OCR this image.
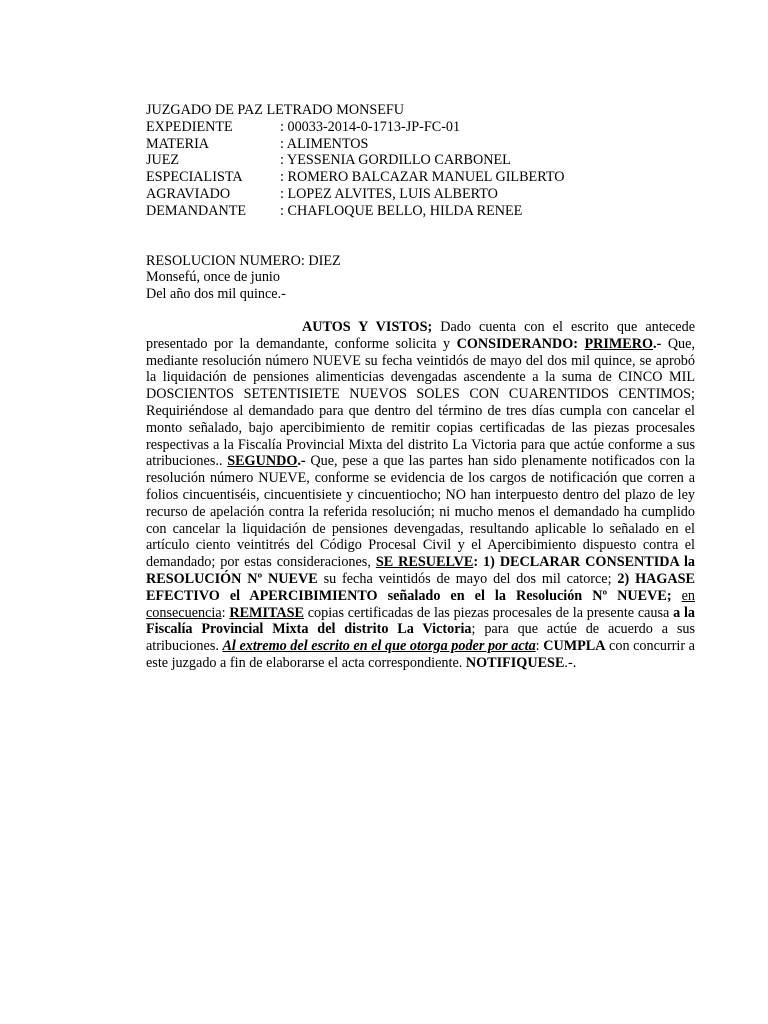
JUZGADO DE PAZ LETRADO MONSEFU
EXPEDIENTE	: 00033-2014-0-1713-JP-FC-01
MATERIA	: ALIMENTOS
JUEZ	: YESSENIA GORDILLO CARBONEL
ESPECIALISTA	: ROMERO BALCAZAR MANUEL GILBERTO
AGRAVIADO	: LOPEZ ALVITES, LUIS ALBERTO
DEMANDANTE	: CHAFLOQUE BELLO, HILDA RENEE
RESOLUCION NUMERO: DIEZ
Monsefú, once de junio
Del año dos mil quince.-
AUTOS Y VISTOS; Dado cuenta con el escrito que antecede presentado por la demandante, conforme solicita y CONSIDERANDO: PRIMERO.- Que, mediante resolución número NUEVE su fecha veintidós de mayo del dos mil quince, se aprobó la liquidación de pensiones alimenticias devengadas ascendente a la suma de CINCO MIL DOSCIENTOS SETENTISIETE NUEVOS SOLES CON CUARENTIDOS CENTIMOS; Requiriéndose al demandado para que dentro del término de tres días cumpla con cancelar el monto señalado, bajo apercibimiento de remitir copias certificadas de las piezas procesales respectivas a la Fiscalía Provincial Mixta del distrito La Victoria para que actúe conforme a sus atribuciones.. SEGUNDO.- Que, pese a que las partes han sido plenamente notificados con la resolución número NUEVE, conforme se evidencia de los cargos de notificación que corren a folios cincuentiséis, cincuentisiete y cincuentiocho; NO han interpuesto dentro del plazo de ley recurso de apelación contra la referida resolución; ni mucho menos el demandado ha cumplido con cancelar la liquidación de pensiones devengadas, resultando aplicable lo señalado en el artículo ciento veintitrés del Código Procesal Civil y el Apercibimiento dispuesto contra el demandado; por estas consideraciones, SE RESUELVE: 1) DECLARAR CONSENTIDA la RESOLUCIÓN Nº NUEVE su fecha veintidós de mayo del dos mil catorce; 2) HAGASE EFECTIVO el APERCIBIMIENTO señalado en el la Resolución Nº NUEVE; en consecuencia: REMITASE copias certificadas de las piezas procesales de la presente causa a la Fiscalía Provincial Mixta del distrito La Victoria; para que actúe de acuerdo a sus atribuciones. Al extremo del escrito en el que otorga poder por acta: CUMPLA con concurrir a este juzgado a fin de elaborarse el acta correspondiente. NOTIFIQUESE.-.
